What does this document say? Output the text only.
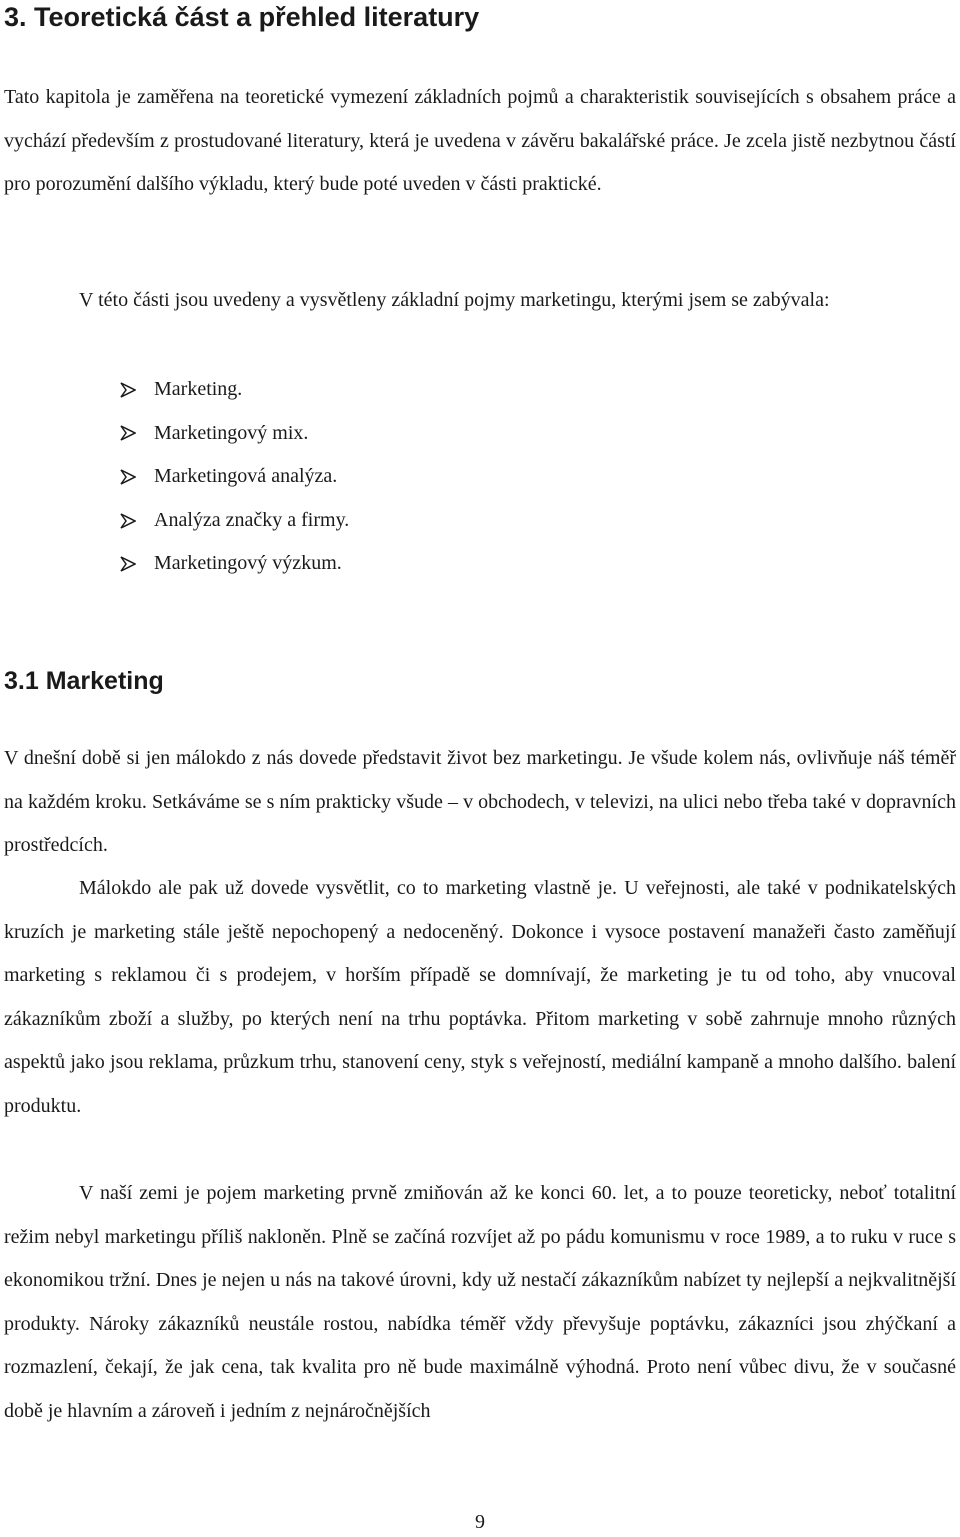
3. Teoretická část a přehled literatury

Tato kapitola je zaměřena na teoretické vymezení základních pojmů a charakteristik souvisejících s obsahem práce a vychází především z prostudované literatury, která je uvedena v závěru bakalářské práce. Je zcela jistě nezbytnou částí pro porozumění dalšího výkladu, který bude poté uveden v části praktické.

V této části jsou uvedeny a vysvětleny základní pojmy marketingu, kterými jsem se zabývala:

Marketing.
Marketingový mix.
Marketingová analýza.
Analýza značky a firmy.
Marketingový výzkum.
3.1 Marketing

V dnešní době si jen málokdo z nás dovede představit život bez marketingu. Je všude kolem nás, ovlivňuje náš téměř na každém kroku. Setkáváme se s ním prakticky všude – v obchodech, v televizi, na ulici nebo třeba také v dopravních prostředcích.

Málokdo ale pak už dovede vysvětlit, co to marketing vlastně je. U veřejnosti, ale také v podnikatelských kruzích je marketing stále ještě nepochopený a nedoceněný. Dokonce i vysoce postavení manažeři často zaměňují marketing s reklamou či s prodejem, v horším případě se domnívají, že marketing je tu od toho, aby vnucoval zákazníkům zboží a služby, po kterých není na trhu poptávka. Přitom marketing v sobě zahrnuje mnoho různých aspektů jako jsou reklama, průzkum trhu, stanovení ceny, styk s veřejností, mediální kampaně a mnoho dalšího. balení produktu.

V naší zemi je pojem marketing prvně zmiňován až ke konci 60. let, a to pouze teoreticky, neboť totalitní režim nebyl marketingu příliš nakloněn. Plně se začíná rozvíjet až po pádu komunismu v roce 1989, a to ruku v ruce s ekonomikou tržní. Dnes je nejen u nás na takové úrovni, kdy už nestačí zákazníkům nabízet ty nejlepší a nejkvalitnější produkty. Nároky zákazníků neustále rostou, nabídka téměř vždy převyšuje poptávku, zákazníci jsou zhýčkaní a rozmazlení, čekají, že jak cena, tak kvalita pro ně bude maximálně výhodná. Proto není vůbec divu, že v současné době je hlavním a zároveň i jedním z nejnáročnějších

9
